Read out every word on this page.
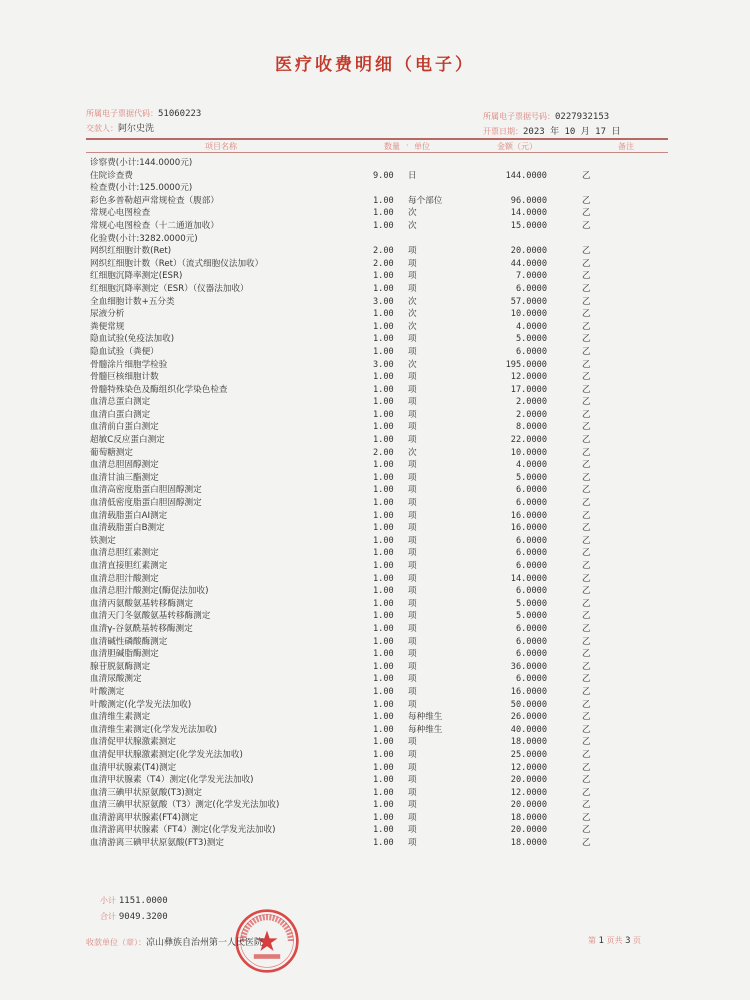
医疗收费明细（电子）
所属电子票据代码：51060223
交款人：阿尔史洗
所属电子票据号码：0227932153
开票日期：2023 年 10 月 17 日
项目名称	数量 · 单位	金额（元）	备注
诊察费(小计:144.0000元)
住院诊查费	9.00 日	144.0000	乙
检查费(小计:125.0000元)
彩色多普勒超声常规检查（腹部）	1.00 每个部位	96.0000	乙
常规心电图检查	1.00 次	14.0000	乙
常规心电图检查（十二通道加收）	1.00 次	15.0000	乙
化验费(小计:3282.0000元)
网织红细胞计数(Ret)	2.00 项	20.0000	乙
网织红细胞计数（Ret）（流式细胞仪法加收）	2.00 项	44.0000	乙
红细胞沉降率测定(ESR)	1.00 项	7.0000	乙
红细胞沉降率测定（ESR）（仪器法加收）	1.00 项	6.0000	乙
全血细胞计数+五分类	3.00 次	57.0000	乙
尿液分析	1.00 次	10.0000	乙
粪便常规	1.00 次	4.0000	乙
隐血试验(免疫法加收)	1.00 项	5.0000	乙
隐血试验（粪便）	1.00 项	6.0000	乙
骨髓涂片细胞学检验	3.00 次	195.0000	乙
骨髓巨核细胞计数	1.00 项	12.0000	乙
骨髓特殊染色及酶组织化学染色检查	1.00 项	17.0000	乙
血清总蛋白测定	1.00 项	2.0000	乙
血清白蛋白测定	1.00 项	2.0000	乙
血清前白蛋白测定	1.00 项	8.0000	乙
超敏C反应蛋白测定	1.00 项	22.0000	乙
葡萄糖测定	2.00 次	10.0000	乙
血清总胆固醇测定	1.00 项	4.0000	乙
血清甘油三酯测定	1.00 项	5.0000	乙
血清高密度脂蛋白胆固醇测定	1.00 项	6.0000	乙
血清低密度脂蛋白胆固醇测定	1.00 项	6.0000	乙
血清载脂蛋白AⅠ测定	1.00 项	16.0000	乙
血清载脂蛋白B测定	1.00 项	16.0000	乙
铁测定	1.00 项	6.0000	乙
血清总胆红素测定	1.00 项	6.0000	乙
血清直接胆红素测定	1.00 项	6.0000	乙
血清总胆汁酸测定	1.00 项	14.0000	乙
血清总胆汁酸测定(酶促法加收)	1.00 项	6.0000	乙
血清丙氨酸氨基转移酶测定	1.00 项	5.0000	乙
血清天门冬氨酸氨基转移酶测定	1.00 项	5.0000	乙
血清γ-谷氨酰基转移酶测定	1.00 项	6.0000	乙
血清碱性磷酸酶测定	1.00 项	6.0000	乙
血清胆碱脂酶测定	1.00 项	6.0000	乙
腺苷脱氨酶测定	1.00 项	36.0000	乙
血清尿酸测定	1.00 项	6.0000	乙
叶酸测定	1.00 项	16.0000	乙
叶酸测定(化学发光法加收)	1.00 项	50.0000	乙
血清维生素测定	1.00 每种维生	26.0000	乙
血清维生素测定(化学发光法加收)	1.00 每种维生	40.0000	乙
血清促甲状腺激素测定	1.00 项	18.0000	乙
血清促甲状腺激素测定(化学发光法加收)	1.00 项	25.0000	乙
血清甲状腺素(T4)测定	1.00 项	12.0000	乙
血清甲状腺素（T4）测定(化学发光法加收)	1.00 项	20.0000	乙
血清三碘甲状原氨酸(T3)测定	1.00 项	12.0000	乙
血清三碘甲状原氨酸（T3）测定(化学发光法加收)	1.00 项	20.0000	乙
血清游离甲状腺素(FT4)测定	1.00 项	18.0000	乙
血清游离甲状腺素（FT4）测定(化学发光法加收)	1.00 项	20.0000	乙
血清游离三碘甲状原氨酸(FT3)测定	1.00 项	18.0000	乙
小计 1151.0000
合计 9049.3200
收款单位（章）：凉山彝族自治州第一人民医院	第 1 页共 3 页
